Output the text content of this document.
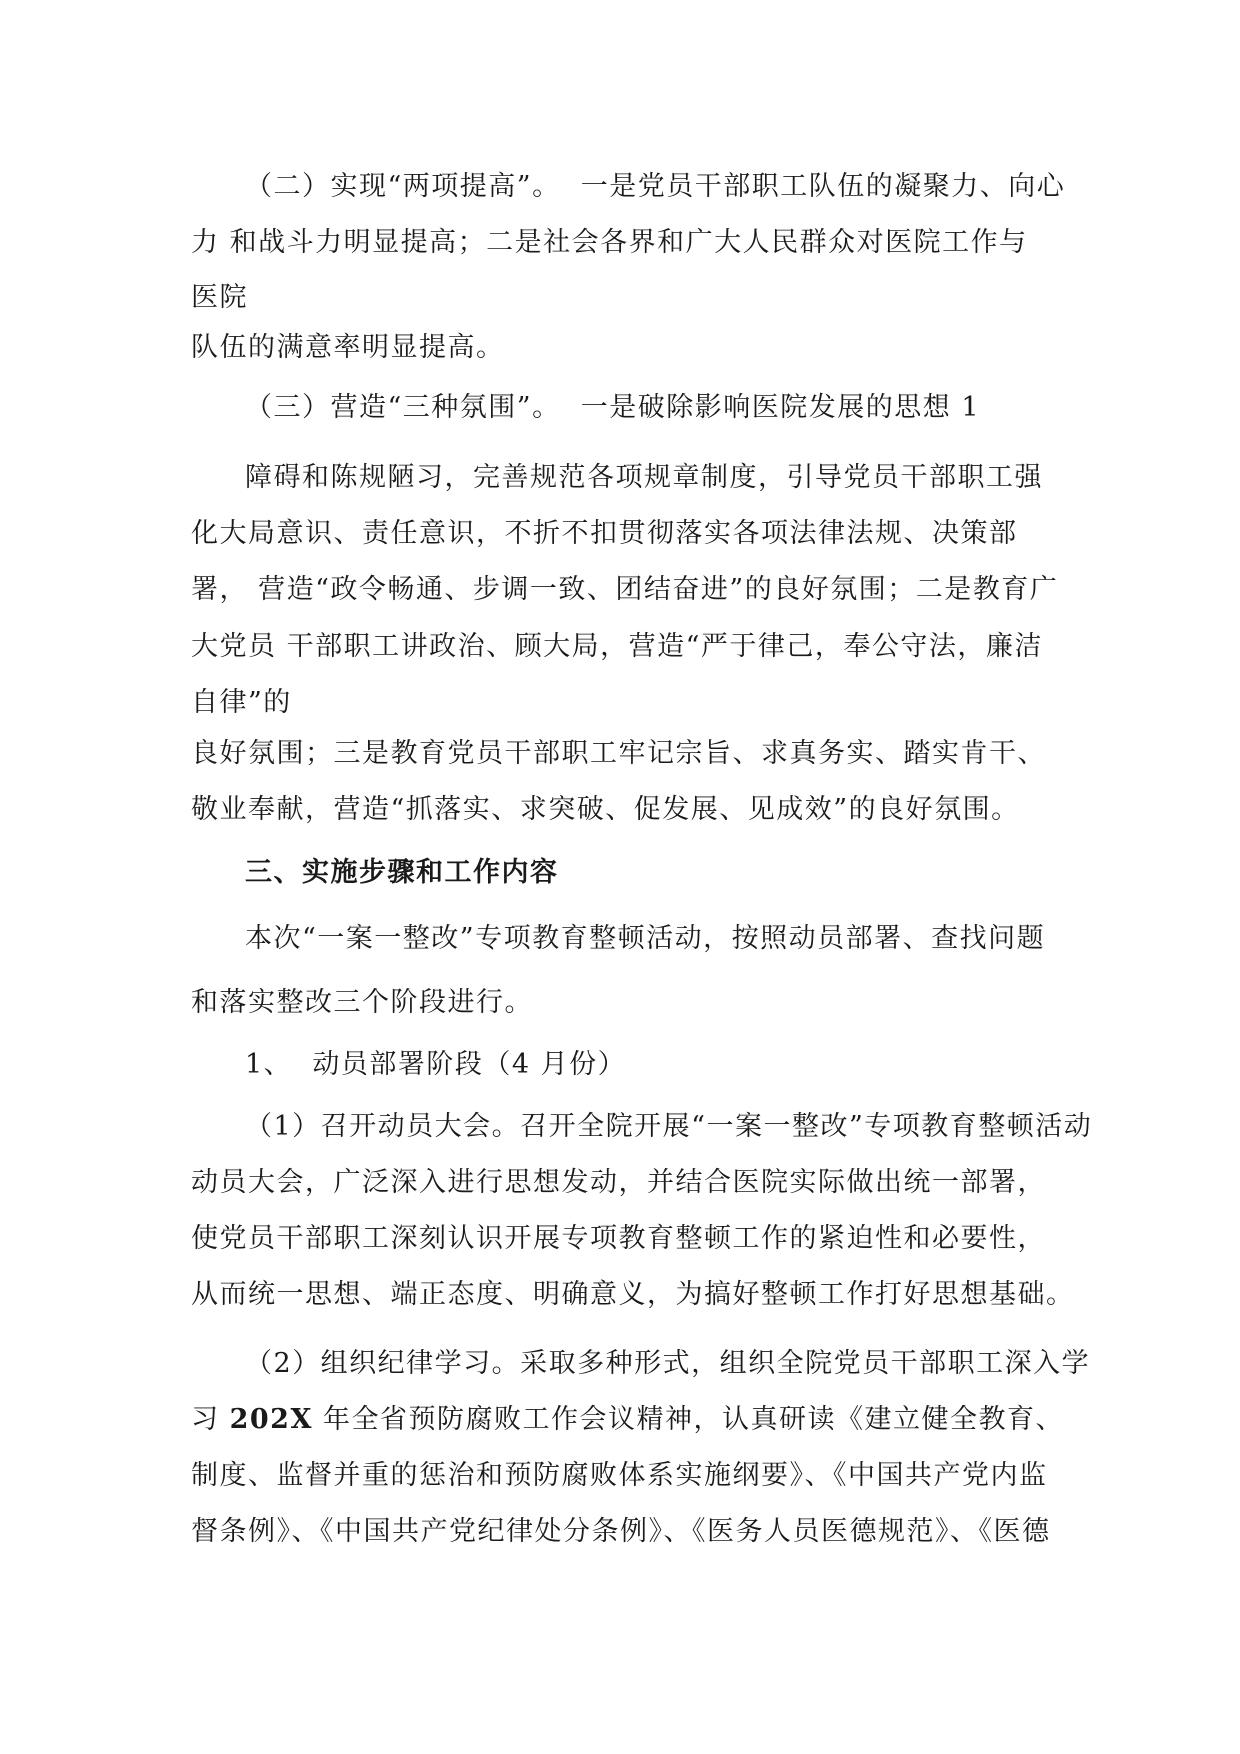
（二）实现“两项提高”。  一是党员干部职工队伍的凝聚力、向心
力 和战斗力明显提高；二是社会各界和广大人民群众对医院工作与
医院
队伍的满意率明显提高。
（三）营造“三种氛围”。  一是破除影响医院发展的思想 1
障碍和陈规陋习，完善规范各项规章制度，引导党员干部职工强
化大局意识、责任意识，不折不扣贯彻落实各项法律法规、决策部
署， 营造“政令畅通、步调一致、团结奋进”的良好氛围；二是教育广
大党员 干部职工讲政治、顾大局，营造“严于律己，奉公守法，廉洁
自律”的
良好氛围；三是教育党员干部职工牢记宗旨、求真务实、踏实肯干、
敬业奉献，营造“抓落实、求突破、促发展、见成效”的良好氛围。
三、实施步骤和工作内容
本次“一案一整改”专项教育整顿活动，按照动员部署、查找问题
和落实整改三个阶段进行。
1、  动员部署阶段（4 月份）
（1）召开动员大会。召开全院开展“一案一整改”专项教育整顿活动
动员大会，广泛深入进行思想发动，并结合医院实际做出统一部署，
使党员干部职工深刻认识开展专项教育整顿工作的紧迫性和必要性，
从而统一思想、端正态度、明确意义，为搞好整顿工作打好思想基础。
（2）组织纪律学习。采取多种形式，组织全院党员干部职工深入学
习 202X 年全省预防腐败工作会议精神，认真研读《建立健全教育、
制度、监督并重的惩治和预防腐败体系实施纲要》、《中国共产党内监
督条例》、《中国共产党纪律处分条例》、《医务人员医德规范》、《医德
